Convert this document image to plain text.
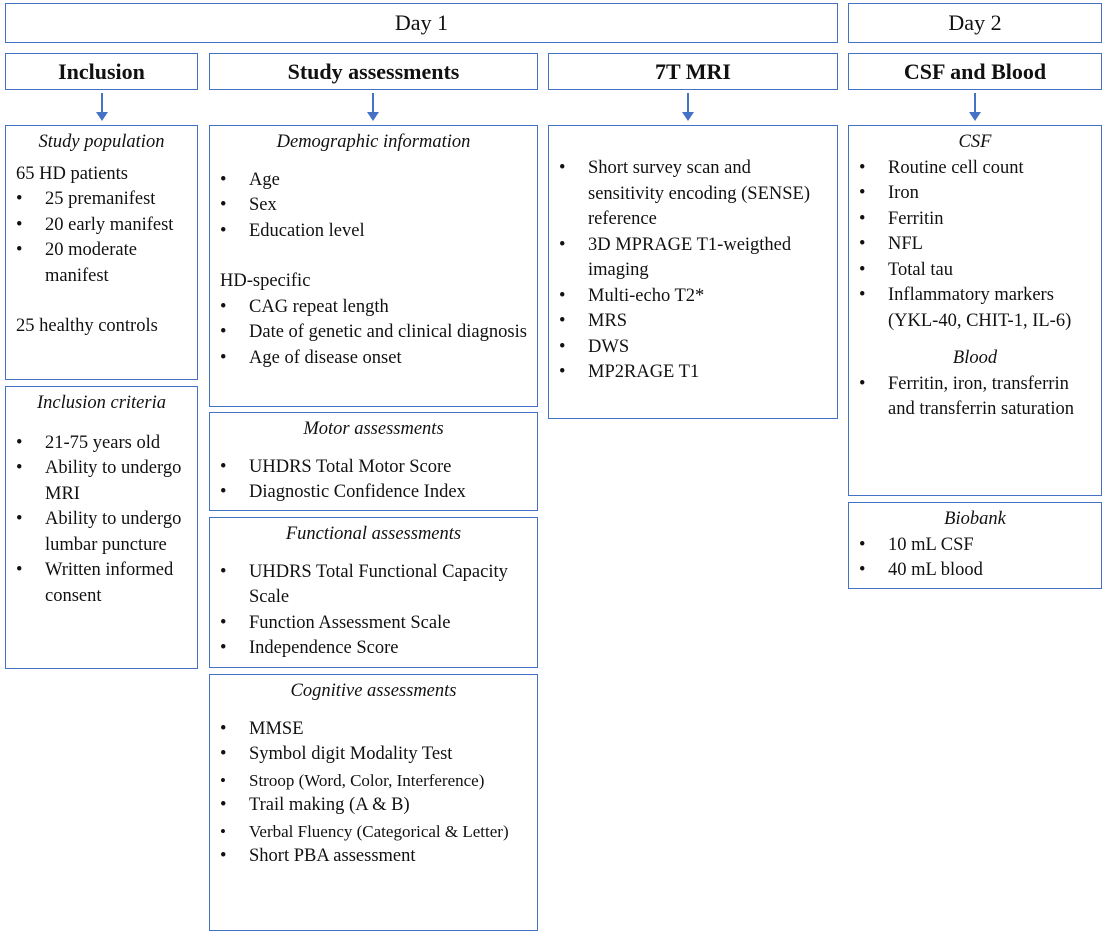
Day 1	Day 2
Inclusion	Study assessments	7T MRI	CSF and Blood
Study population
65 HD patients
• 25 premanifest
• 20 early manifest
• 20 moderate manifest
25 healthy controls
Inclusion criteria
• 21-75 years old
• Ability to undergo MRI
• Ability to undergo lumbar puncture
• Written informed consent
Demographic information
• Age
• Sex
• Education level
HD-specific
• CAG repeat length
• Date of genetic and clinical diagnosis
• Age of disease onset
Motor assessments
• UHDRS Total Motor Score
• Diagnostic Confidence Index
Functional assessments
• UHDRS Total Functional Capacity Scale
• Function Assessment Scale
• Independence Score
Cognitive assessments
• MMSE
• Symbol digit Modality Test
• Stroop (Word, Color, Interference)
• Trail making (A & B)
• Verbal Fluency (Categorical & Letter)
• Short PBA assessment
• Short survey scan and sensitivity encoding (SENSE) reference
• 3D MPRAGE T1-weigthed imaging
• Multi-echo T2*
• MRS
• DWS
• MP2RAGE T1
CSF
• Routine cell count
• Iron
• Ferritin
• NFL
• Total tau
• Inflammatory markers (YKL-40, CHIT-1, IL-6)
Blood
• Ferritin, iron, transferrin and transferrin saturation
Biobank
• 10 mL CSF
• 40 mL blood
